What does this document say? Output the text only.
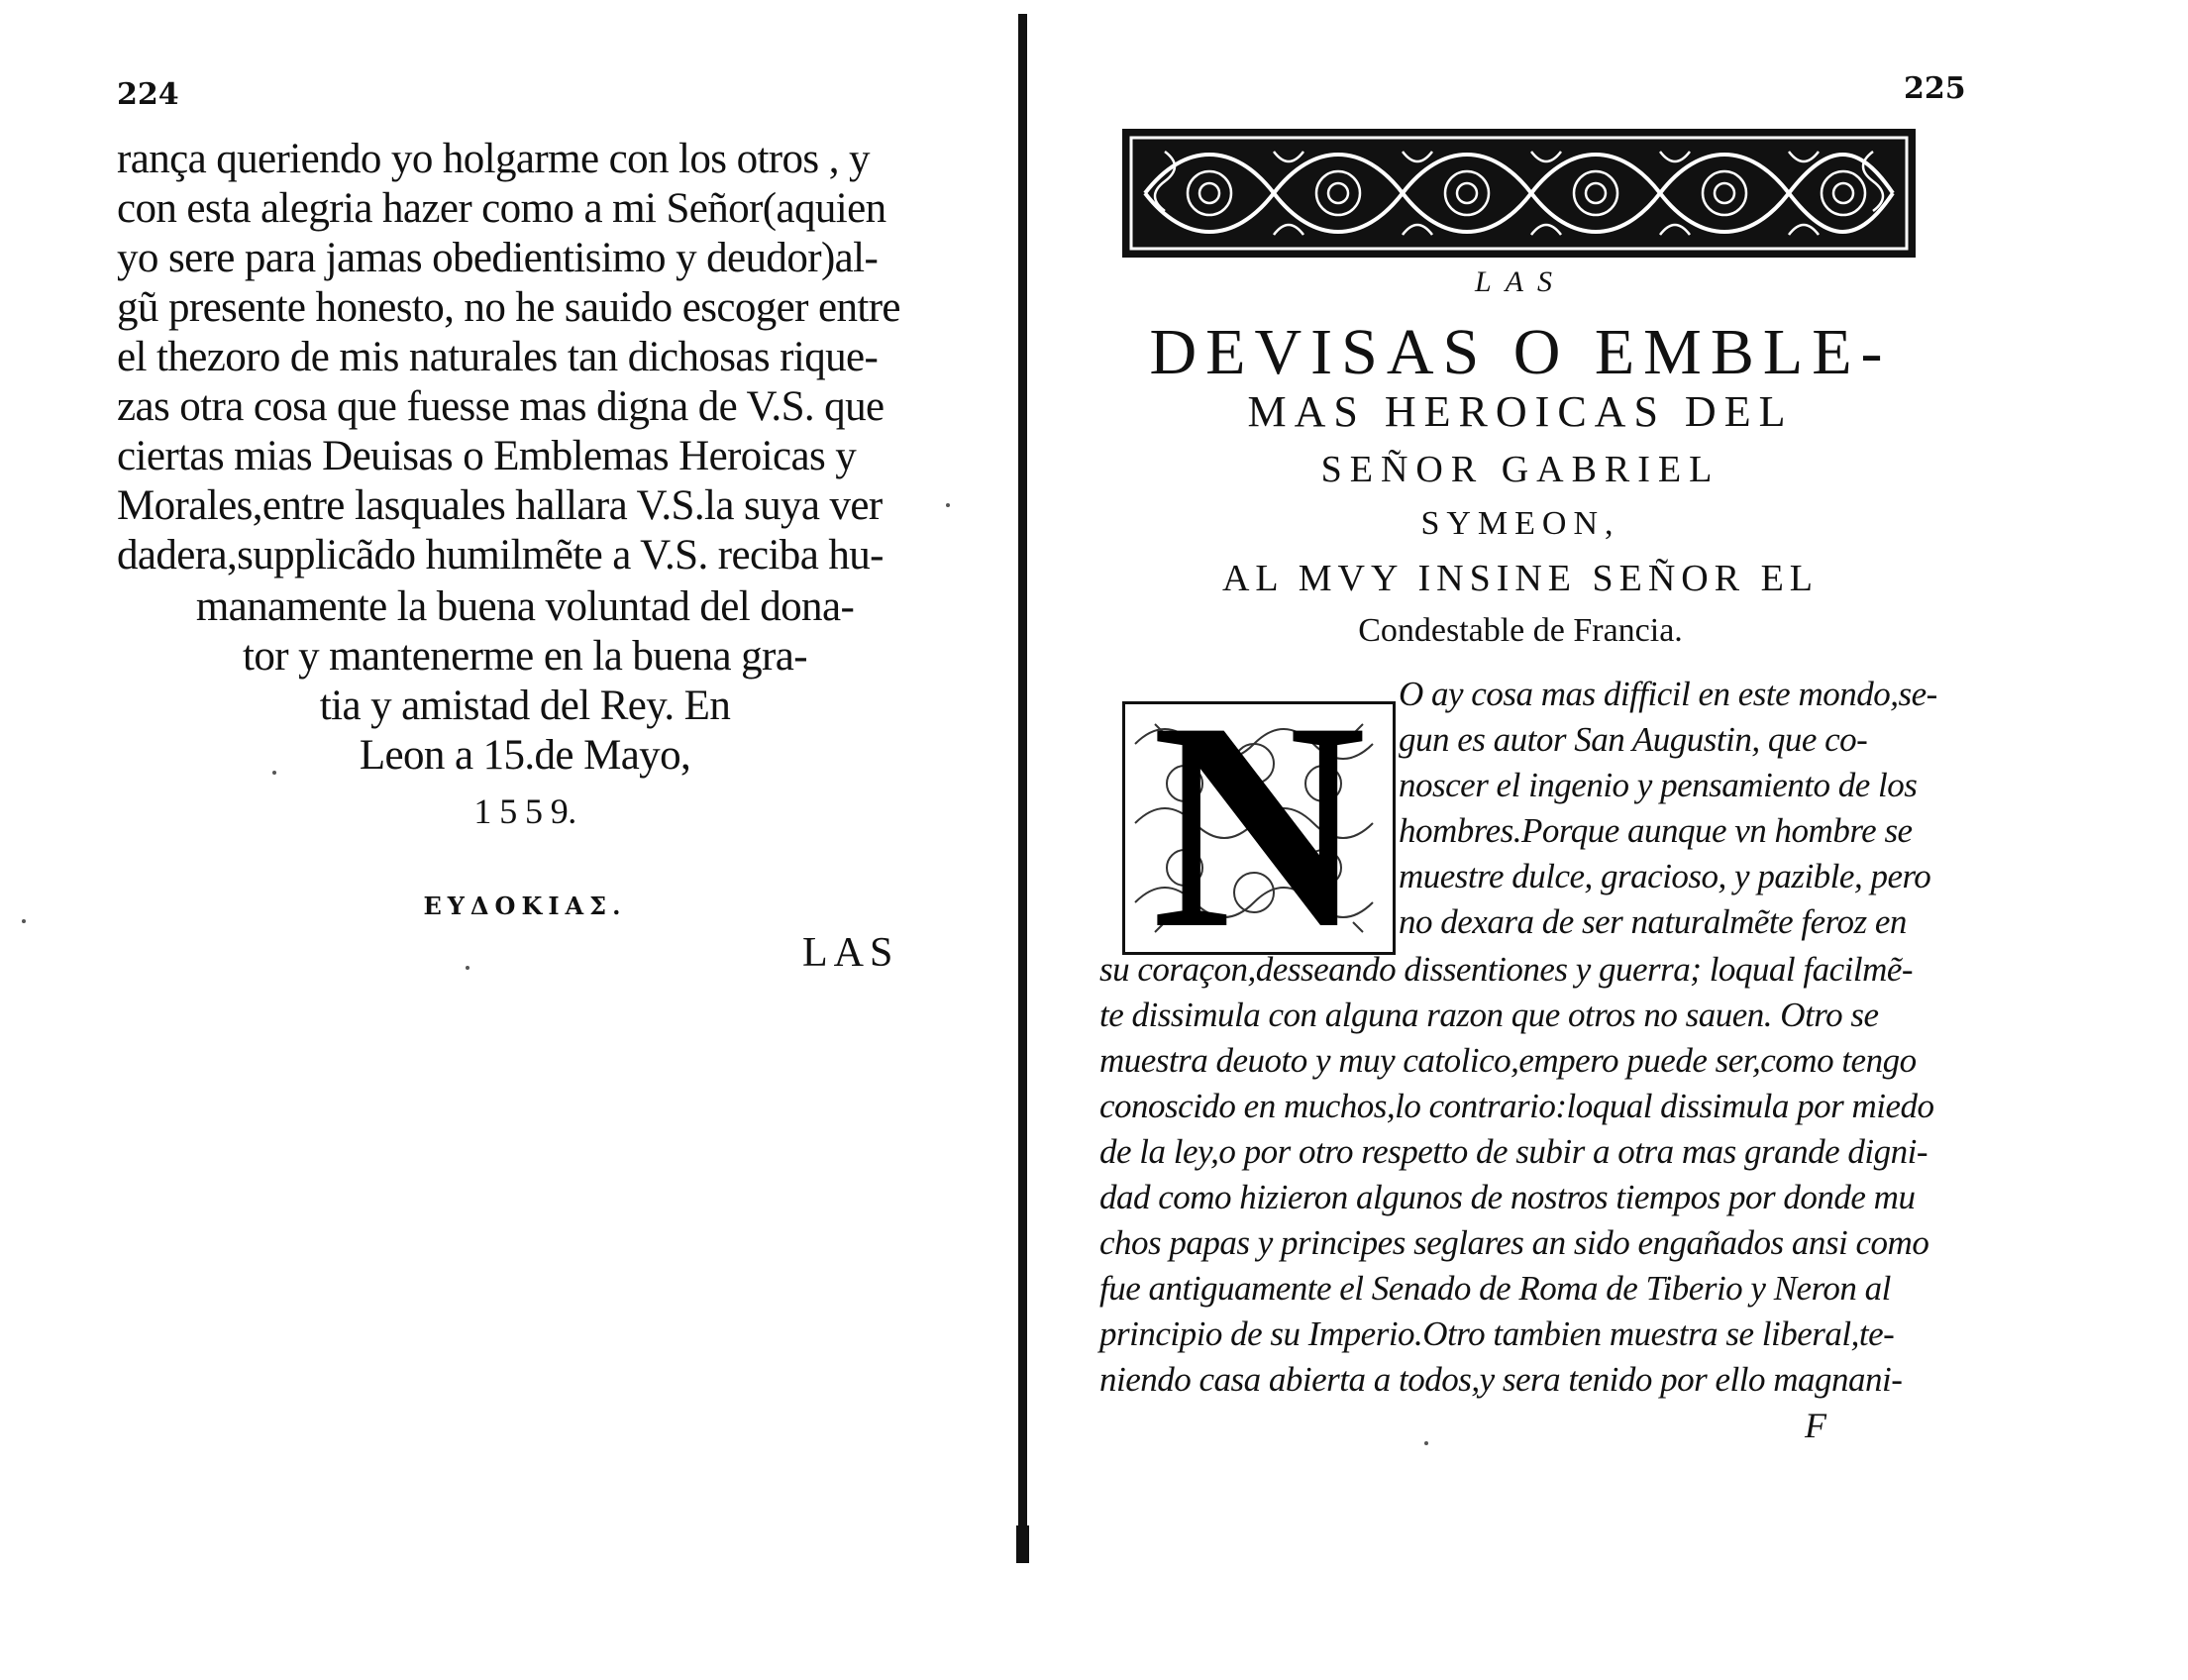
224
rança queriendo yo holgarme con los otros , y
con esta alegria hazer como a mi Señor(aquien
yo sere para jamas obedientisimo y deudor)al-
gũ presente honesto, no he sauido escoger entre
el thezoro de mis naturales tan dichosas rique-
zas otra cosa que fuesse mas digna de V.S. que
ciertas mias Deuisas o Emblemas Heroicas y
Morales,entre lasquales hallara V.S.la suya ver
dadera,supplicãdo humilmẽte a V.S. reciba hu-
manamente la buena voluntad del dona-
tor y mantenerme en la buena gra-
tia y amistad del Rey. En
Leon a 15.de Mayo,
1 5 5 9.
ΕΥΔΟΚΙΑΣ.
LAS
225
LAS
DEVISAS O EMBLE-
MAS HEROICAS DEL
SEÑOR GABRIEL
SYMEON,
AL MVY INSINE SEÑOR EL
Condestable de Francia.
N O ay cosa mas difficil en este mondo,se-
gun es autor San Augustin, que co-
noscer el ingenio y pensamiento de los
hombres.Porque aunque vn hombre se
muestre dulce, gracioso, y pazible, pero
no dexara de ser naturalmẽte feroz en
su coraçon,desseando dissentiones y guerra; loqual facilmẽ-
te dissimula con alguna razon que otros no sauen. Otro se
muestra deuoto y muy catolico,empero puede ser,como tengo
conoscido en muchos,lo contrario:loqual dissimula por miedo
de la ley,o por otro respetto de subir a otra mas grande digni-
dad como hizieron algunos de nostros tiempos por donde mu
chos papas y principes seglares an sido engañados ansi como
fue antiguamente el Senado de Roma de Tiberio y Neron al
principio de su Imperio.Otro tambien muestra se liberal,te-
niendo casa abierta a todos,y sera tenido por ello magnani-
F
